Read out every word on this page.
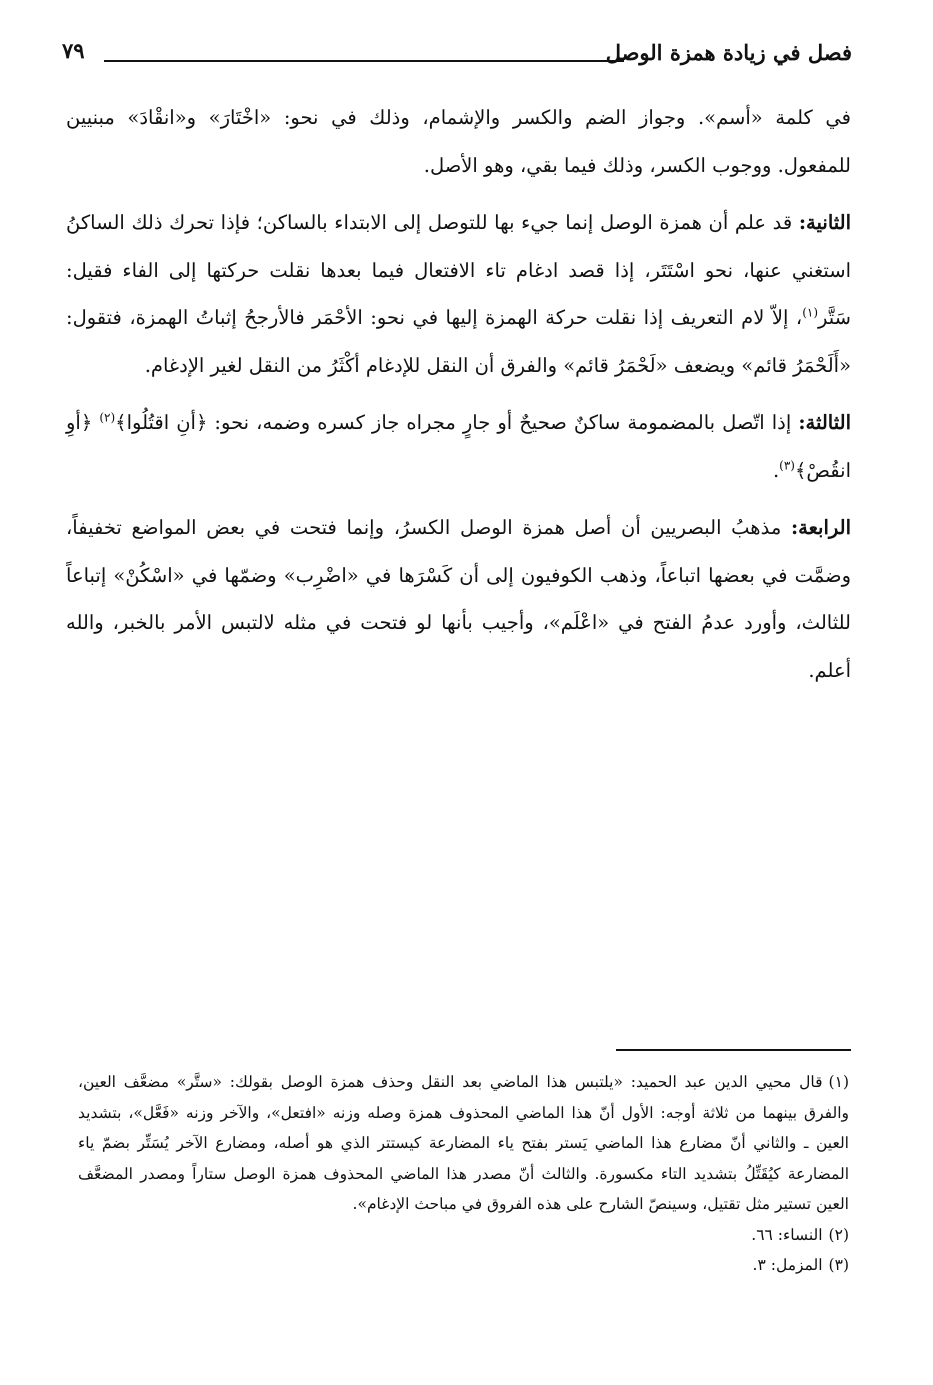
فصل في زيادة همزة الوصل
٧٩

في كلمة «أسم». وجواز الضم والكسر والإشمام، وذلك في نحو: «اخْتَارَ» و«انقْادَ» مبنيين للمفعول. ووجوب الكسر، وذلك فيما بقي، وهو الأصل.

الثانية: قد علم أن همزة الوصل إنما جيء بها للتوصل إلى الابتداء بالساكن؛ فإذا تحرك ذلك الساكنُ استغني عنها، نحو اسْتَتَر، إذا قصد ادغام تاء الافتعال فيما بعدها نقلت حركتها إلى الفاء فقيل: سَتَّر$^{(١)}$، إلاّ لام التعريف إذا نقلت حركة الهمزة إليها في نحو: الأحْمَر فالأرجحُ إثباتُ الهمزة، فتقول: «أَلَحْمَرُ قائم» ويضعف «لَحْمَرُ قائم» والفرق أن النقل للإدغام أكْثَرُ من النقل لغير الإدغام.

الثالثة: إذا اتّصل بالمضمومة ساكنٌ صحيحٌ أو جارٍ مجراه جاز كسره وضمه، نحو: ﴿أنِ اقتُلُوا﴾$^{(٢)}$ ﴿أوِ انقُصْ﴾$^{(٣)}$.

الرابعة: مذهبُ البصريين أن أصل همزة الوصل الكسرُ، وإنما فتحت في بعض المواضع تخفيفاً، وضمَّت في بعضها اتباعاً، وذهب الكوفيون إلى أن كَسْرَها في «اضْرِب» وضمّها في «اسْكُنْ» إتباعاً للثالث، وأورد عدمُ الفتح في «اعْلَم»، وأجيب بأنها لو فتحت في مثله لالتبس الأمر بالخبر، والله أعلم.

(١)قال محيي الدين عبد الحميد: «يلتبس هذا الماضي بعد النقل وحذف همزة الوصل بقولك: «ستَّر» مضعَّف العين، والفرق بينهما من ثلاثة أوجه: الأول أنّ هذا الماضي المحذوف همزة وصله وزنه «افتعل»، والآخر وزنه «فَعَّل»، بتشديد العين ـ والثاني أنّ مضارع هذا الماضي يَستر بفتح ياء المضارعة كيستتر الذي هو أصله، ومضارع الآخر يُسَتِّر بضمّ ياء المضارعة كيُقَتِّلُ بتشديد التاء مكسورة. والثالث أنّ مصدر هذا الماضي المحذوف همزة الوصل ستاراً ومصدر المضعَّف العين تستير مثل تقتيل، وسينصّ الشارح على هذه الفروق في مباحث الإدغام».

(٢)النساء: ٦٦.

(٣)المزمل: ٣.
